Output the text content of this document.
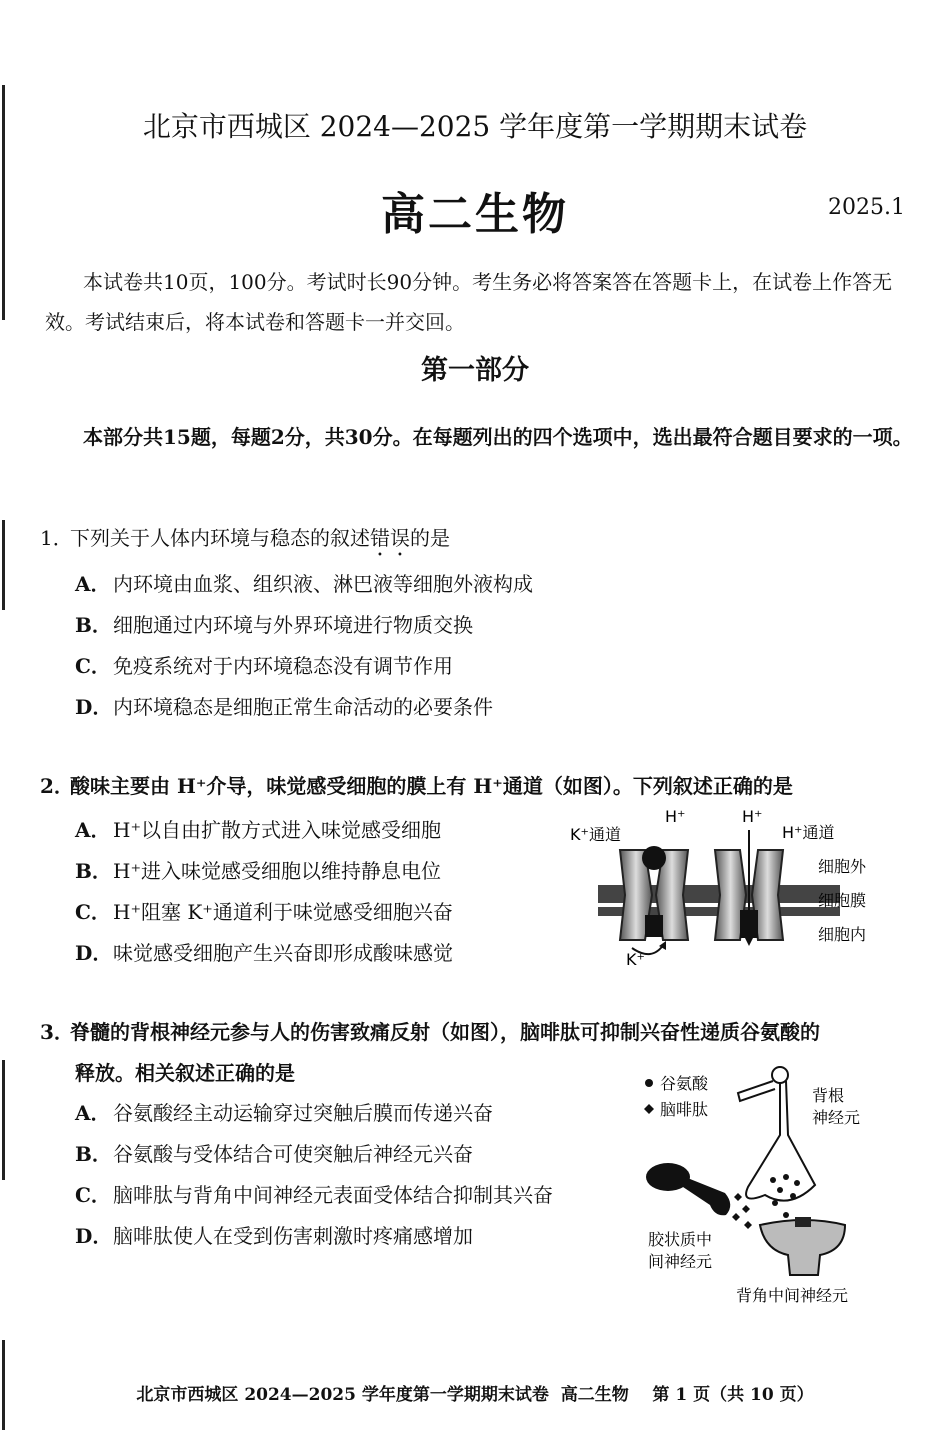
北京市西城区 2024—2025 学年度第一学期期末试卷
高二生物	2025.1
本试卷共10页，100分。考试时长90分钟。考生务必将答案答在答题卡上，在试卷上作答无效。考试结束后，将本试卷和答题卡一并交回。
第一部分
本部分共15题，每题2分，共30分。在每题列出的四个选项中，选出最符合题目要求的一项。
1．下列关于人体内环境与稳态的叙述错误的是
A． 内环境由血浆、组织液、淋巴液等细胞外液构成
B．细胞通过内环境与外界环境进行物质交换
C． 免疫系统对于内环境稳态没有调节作用
D．内环境稳态是细胞正常生命活动的必要条件
2．酸味主要由 H⁺介导，味觉感受细胞的膜上有 H⁺通道（如图）。下列叙述正确的是
A． H⁺以自由扩散方式进入味觉感受细胞
B．H⁺进入味觉感受细胞以维持静息电位
C． H⁺阻塞 K⁺通道利于味觉感受细胞兴奋
D．味觉感受细胞产生兴奋即形成酸味感觉
K⁺通道
H⁺	H⁺
H⁺通道
细胞外
细胞膜
细胞内
K⁺
3．脊髓的背根神经元参与人的伤害致痛反射（如图），脑啡肽可抑制兴奋性递质谷氨酸的
释放。相关叙述正确的是
A． 谷氨酸经主动运输穿过突触后膜而传递兴奋
B．谷氨酸与受体结合可使突触后神经元兴奋
C． 脑啡肽与背角中间神经元表面受体结合抑制其兴奋
D．脑啡肽使人在受到伤害刺激时疼痛感增加
谷氨酸
脑啡肽
背根
神经元
胶状质中
间神经元
背角中间神经元
北京市西城区 2024—2025 学年度第一学期期末试卷 高二生物 第 1 页（共 10 页）
